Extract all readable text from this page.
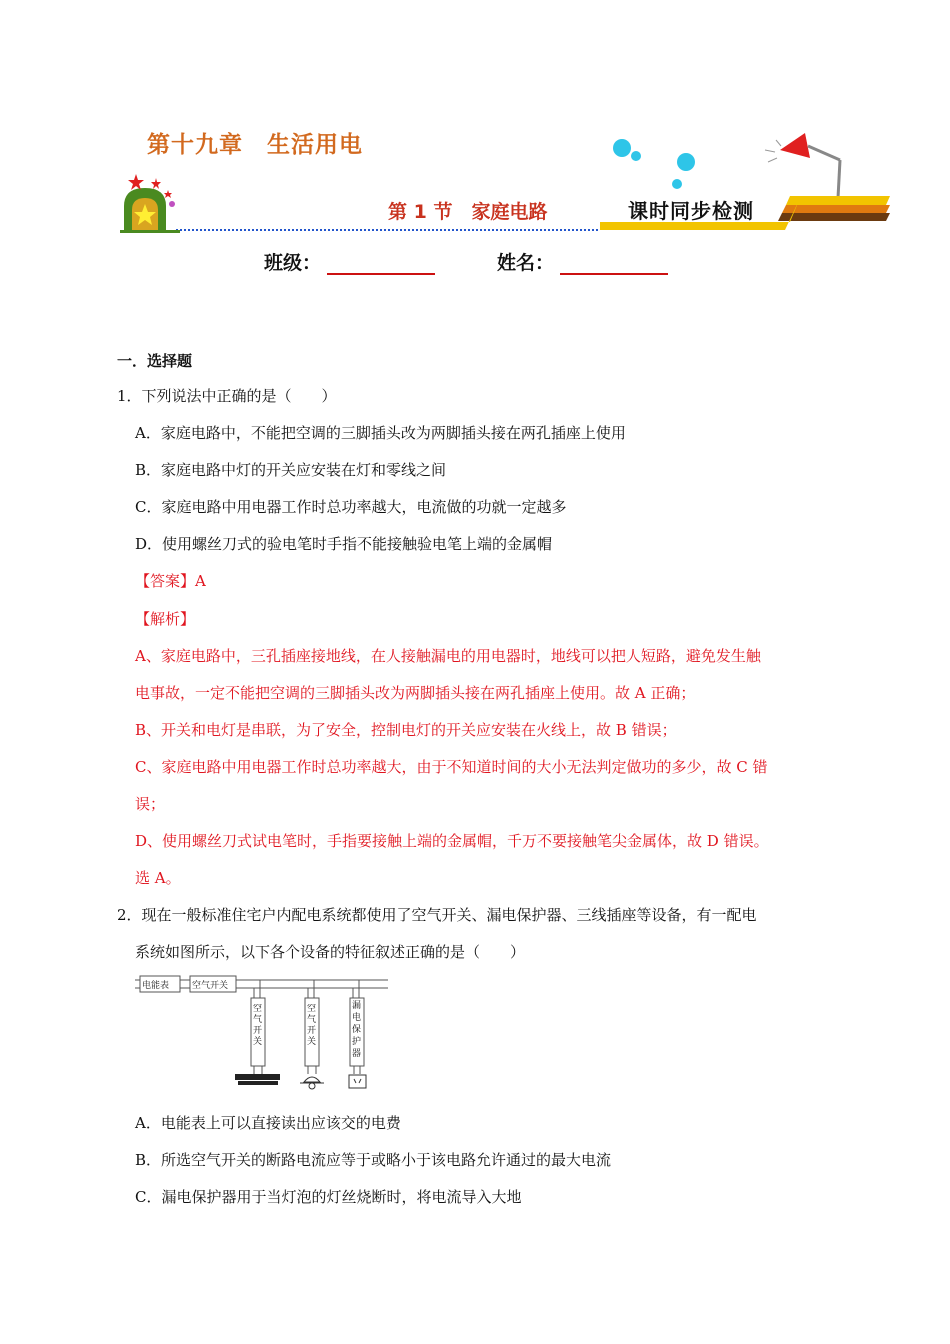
第十九章　生活用电
第 1 节　家庭电路	课时同步检测
班级：	姓名：
一．选择题
1．下列说法中正确的是（　　）
A．家庭电路中，不能把空调的三脚插头改为两脚插头接在两孔插座上使用
B．家庭电路中灯的开关应安装在灯和零线之间
C．家庭电路中用电器工作时总功率越大，电流做的功就一定越多
D．使用螺丝刀式的验电笔时手指不能接触验电笔上端的金属帽
【答案】A
【解析】
A、家庭电路中，三孔插座接地线，在人接触漏电的用电器时，地线可以把人短路，避免发生触
电事故，一定不能把空调的三脚插头改为两脚插头接在两孔插座上使用。故 A 正确；
B、开关和电灯是串联，为了安全，控制电灯的开关应安装在火线上，故 B 错误；
C、家庭电路中用电器工作时总功率越大，由于不知道时间的大小无法判定做功的多少，故 C 错
误；
D、使用螺丝刀式试电笔时，手指要接触上端的金属帽，千万不要接触笔尖金属体，故 D 错误。
选 A。
2．现在一般标准住宅户内配电系统都使用了空气开关、漏电保护器、三线插座等设备，有一配电
系统如图所示，以下各个设备的特征叙述正确的是（　　）
电能表	空气开关
空气开关
空气开关
漏电保护器
A．电能表上可以直接读出应该交的电费
B．所选空气开关的断路电流应等于或略小于该电路允许通过的最大电流
C．漏电保护器用于当灯泡的灯丝烧断时，将电流导入大地
